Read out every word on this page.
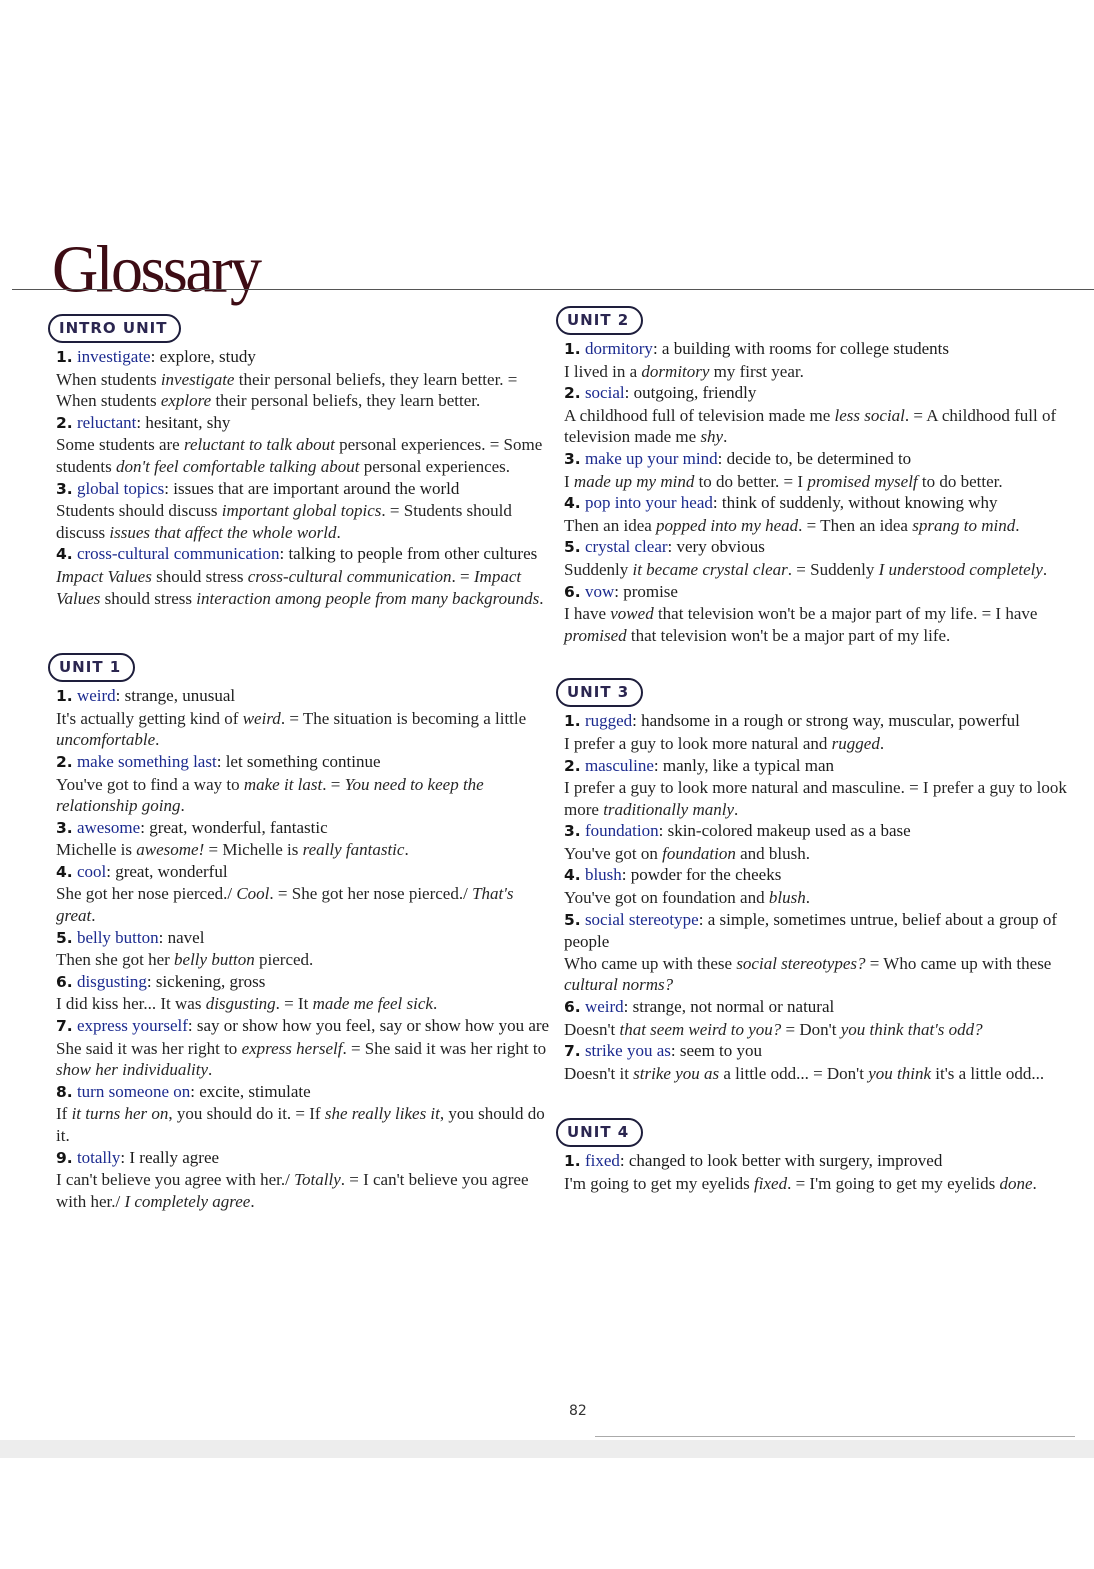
Glossary
INTRO UNIT
1. investigate: explore, study
When students investigate their personal beliefs, they learn better. = When students explore their personal beliefs, they learn better.
2. reluctant: hesitant, shy
Some students are reluctant to talk about personal experiences. = Some students don't feel comfortable talking about personal experiences.
3. global topics: issues that are important around the world
Students should discuss important global topics. = Students should discuss issues that affect the whole world.
4. cross-cultural communication: talking to people from other cultures
Impact Values should stress cross-cultural communication. = Impact Values should stress interaction among people from many backgrounds.
UNIT 1
1. weird: strange, unusual
It's actually getting kind of weird. = The situation is becoming a little uncomfortable.
2. make something last: let something continue
You've got to find a way to make it last. = You need to keep the relationship going.
3. awesome: great, wonderful, fantastic
Michelle is awesome! = Michelle is really fantastic.
4. cool: great, wonderful
She got her nose pierced./ Cool. = She got her nose pierced./ That's great.
5. belly button: navel
Then she got her belly button pierced.
6. disgusting: sickening, gross
I did kiss her... It was disgusting. = It made me feel sick.
7. express yourself: say or show how you feel, say or show how you are
She said it was her right to express herself. = She said it was her right to show her individuality.
8. turn someone on: excite, stimulate
If it turns her on, you should do it. = If she really likes it, you should do it.
9. totally: I really agree
I can't believe you agree with her./ Totally. = I can't believe you agree with her./ I completely agree.
UNIT 2
1. dormitory: a building with rooms for college students
I lived in a dormitory my first year.
2. social: outgoing, friendly
A childhood full of television made me less social. = A childhood full of television made me shy.
3. make up your mind: decide to, be determined to
I made up my mind to do better. = I promised myself to do better.
4. pop into your head: think of suddenly, without knowing why
Then an idea popped into my head. = Then an idea sprang to mind.
5. crystal clear: very obvious
Suddenly it became crystal clear. = Suddenly I understood completely.
6. vow: promise
I have vowed that television won't be a major part of my life. = I have promised that television won't be a major part of my life.
UNIT 3
1. rugged: handsome in a rough or strong way, muscular, powerful
I prefer a guy to look more natural and rugged.
2. masculine: manly, like a typical man
I prefer a guy to look more natural and masculine. = I prefer a guy to look more traditionally manly.
3. foundation: skin-colored makeup used as a base
You've got on foundation and blush.
4. blush: powder for the cheeks
You've got on foundation and blush.
5. social stereotype: a simple, sometimes untrue, belief about a group of people
Who came up with these social stereotypes? = Who came up with these cultural norms?
6. weird: strange, not normal or natural
Doesn't that seem weird to you? = Don't you think that's odd?
7. strike you as: seem to you
Doesn't it strike you as a little odd... = Don't you think it's a little odd...
UNIT 4
1. fixed: changed to look better with surgery, improved
I'm going to get my eyelids fixed. = I'm going to get my eyelids done.
82
